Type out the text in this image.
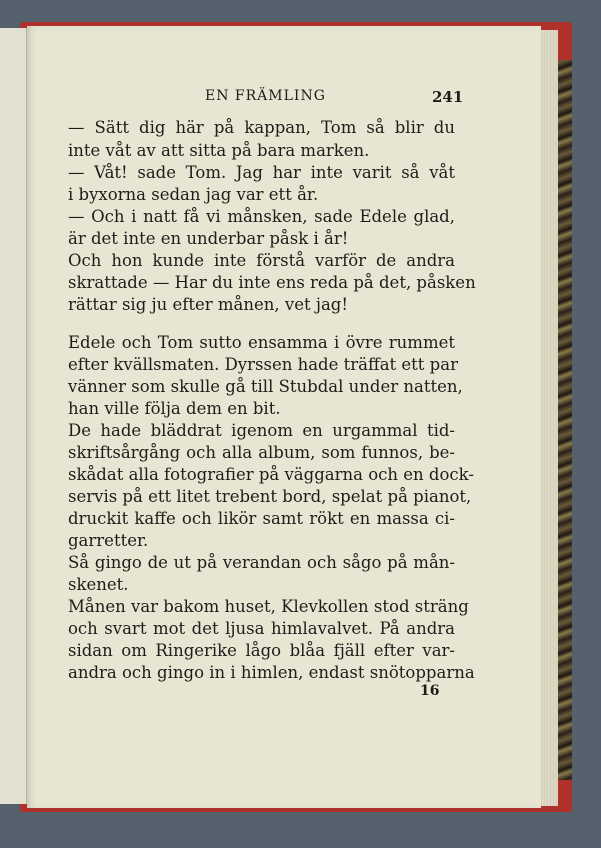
EN FRÄMLING	241
— Sätt dig här på kappan, Tom så blir du
inte våt av att sitta på bara marken.
— Våt! sade Tom. Jag har inte varit så våt
i byxorna sedan jag var ett år.
— Och i natt få vi månsken, sade Edele glad,
är det inte en underbar påsk i år!
Och hon kunde inte förstå varför de andra
skrattade — Har du inte ens reda på det, påsken
rättar sig ju efter månen, vet jag!
Edele och Tom sutto ensamma i övre rummet
efter kvällsmaten. Dyrssen hade träffat ett par
vänner som skulle gå till Stubdal under natten,
han ville följa dem en bit.
De hade bläddrat igenom en urgammal tid-
skriftsårgång och alla album, som funnos, be-
skådat alla fotografier på väggarna och en dock-
servis på ett litet trebent bord, spelat på pianot,
druckit kaffe och likör samt rökt en massa ci-
garretter.
Så gingo de ut på verandan och sågo på mån-
skenet.
Månen var bakom huset, Klevkollen stod sträng
och svart mot det ljusa himlavalvet. På andra
sidan om Ringerike lågo blåa fjäll efter var-
andra och gingo in i himlen, endast snötopparna
16
